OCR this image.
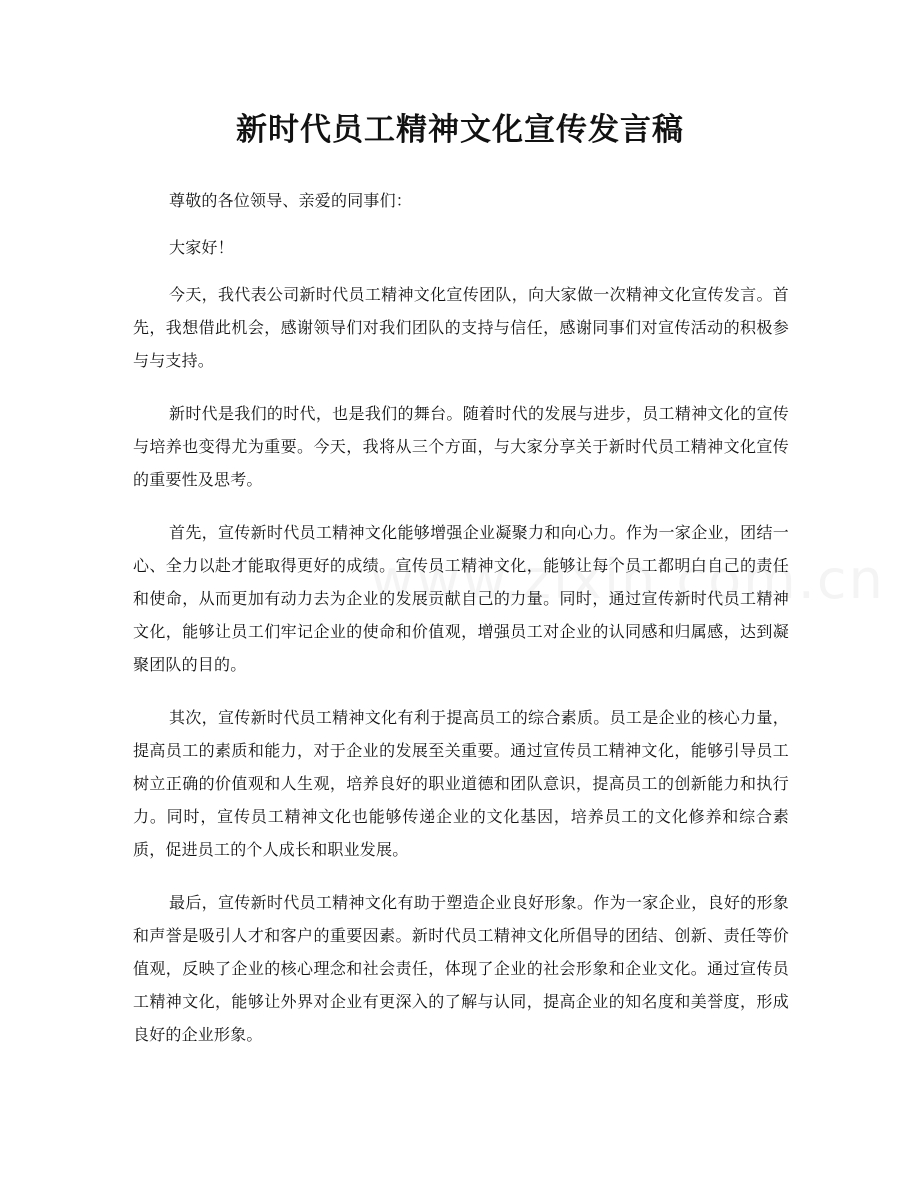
新时代员工精神文化宣传发言稿

尊敬的各位领导、亲爱的同事们：

大家好！

今天，我代表公司新时代员工精神文化宣传团队，向大家做一次精神文化宣传发言。首先，我想借此机会，感谢领导们对我们团队的支持与信任，感谢同事们对宣传活动的积极参与与支持。

新时代是我们的时代，也是我们的舞台。随着时代的发展与进步，员工精神文化的宣传与培养也变得尤为重要。今天，我将从三个方面，与大家分享关于新时代员工精神文化宣传的重要性及思考。

首先，宣传新时代员工精神文化能够增强企业凝聚力和向心力。作为一家企业，团结一心、全力以赴才能取得更好的成绩。宣传员工精神文化，能够让每个员工都明白自己的责任和使命，从而更加有动力去为企业的发展贡献自己的力量。同时，通过宣传新时代员工精神文化，能够让员工们牢记企业的使命和价值观，增强员工对企业的认同感和归属感，达到凝聚团队的目的。

其次，宣传新时代员工精神文化有利于提高员工的综合素质。员工是企业的核心力量，提高员工的素质和能力，对于企业的发展至关重要。通过宣传员工精神文化，能够引导员工树立正确的价值观和人生观，培养良好的职业道德和团队意识，提高员工的创新能力和执行力。同时，宣传员工精神文化也能够传递企业的文化基因，培养员工的文化修养和综合素质，促进员工的个人成长和职业发展。

最后，宣传新时代员工精神文化有助于塑造企业良好形象。作为一家企业，良好的形象和声誉是吸引人才和客户的重要因素。新时代员工精神文化所倡导的团结、创新、责任等价值观，反映了企业的核心理念和社会责任，体现了企业的社会形象和企业文化。通过宣传员工精神文化，能够让外界对企业有更深入的了解与认同，提高企业的知名度和美誉度，形成良好的企业形象。
